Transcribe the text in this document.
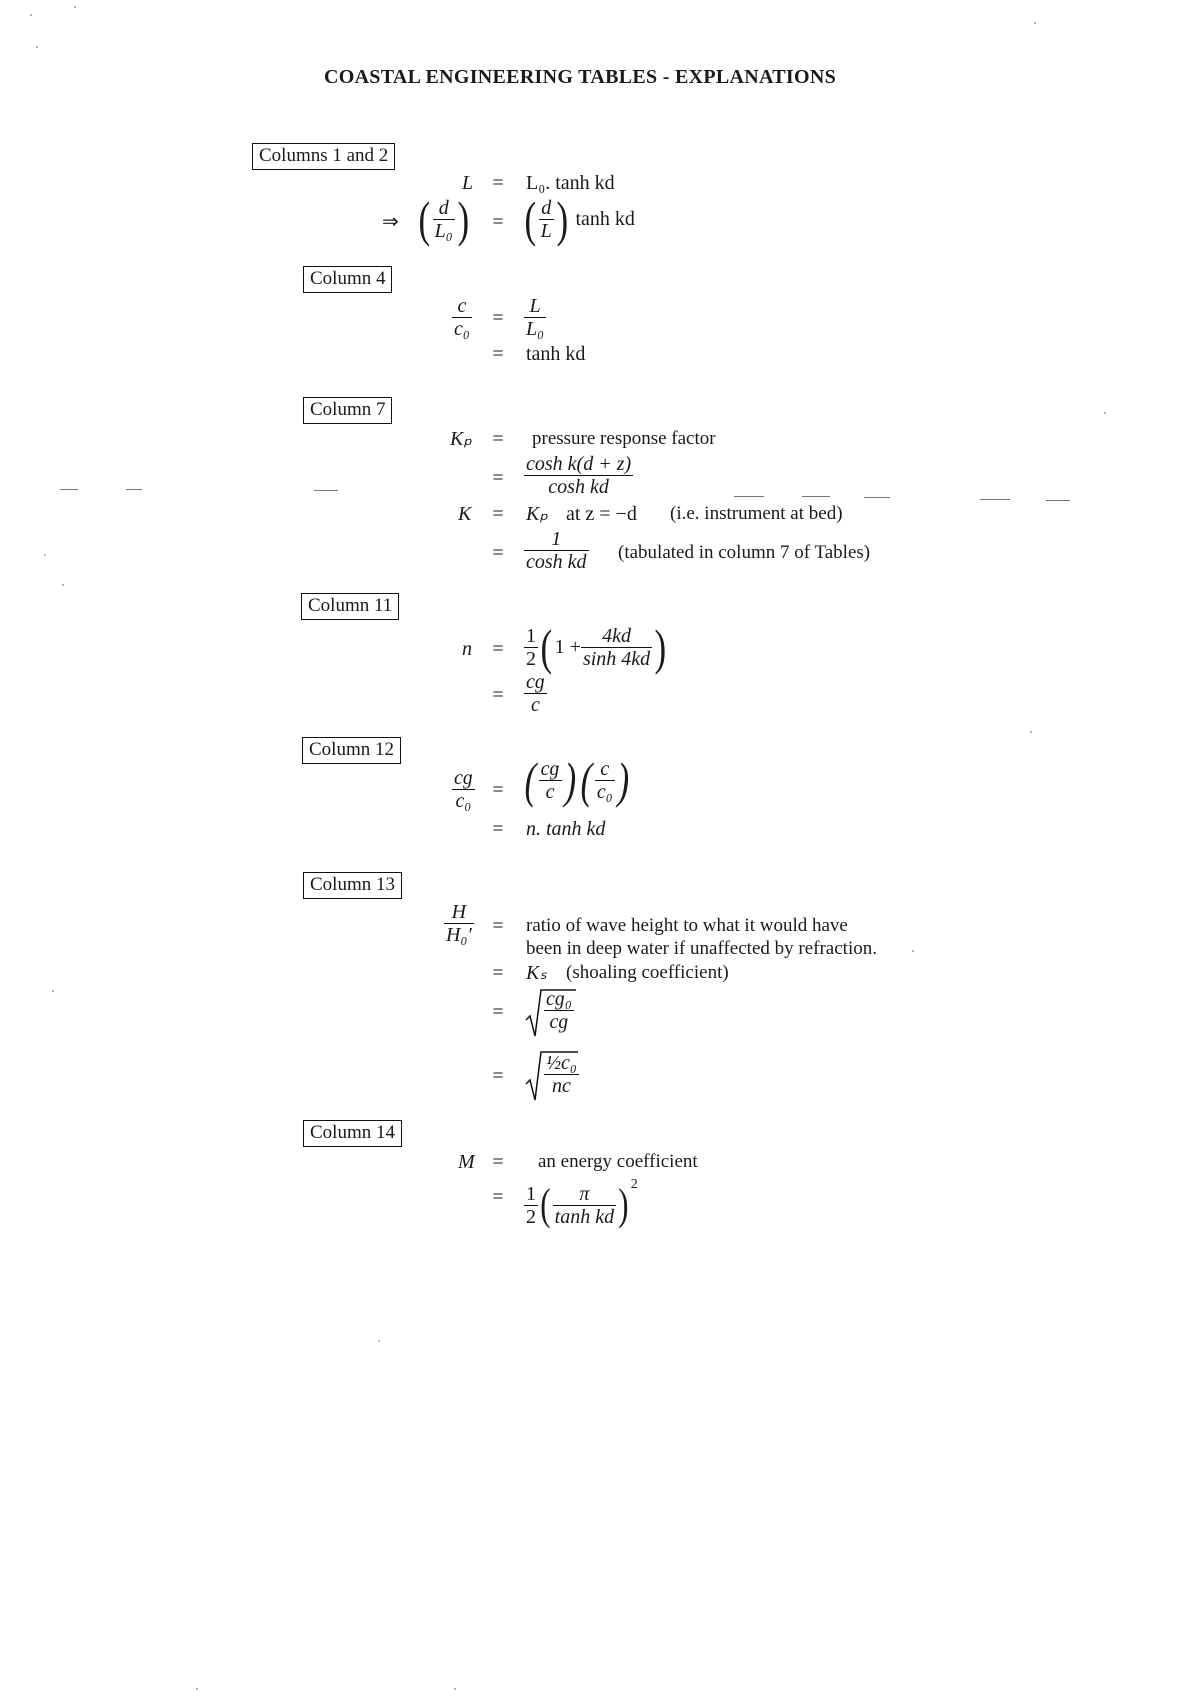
COASTAL ENGINEERING TABLES - EXPLANATIONS
Columns 1 and 2
L = L₀. tanh kd
⇒ ( $\frac{d}{\text{L₀}}$ ) = ( $\frac{d}{L}$ ) tanh kd
Column 4
$\frac{c}{\text{c₀}} = \frac{L}{\text{L₀}}$
= tanh kd
Column 7
Kₚ = pressure response factor
= $\frac{\text{cosh k(d + z)}}{\text{cosh kd}}$
K = Kₚ at z = −d (i.e. instrument at bed)
= $\frac{1}{\text{cosh kd}}$ (tabulated in column 7 of Tables)
Column 11
$n = \frac{1}{2}$ ( $1 + \frac{4kd}{\sinh 4kd}$ )
= $\frac{\text{cɡ}}{c}$
Column 12
$\frac{\text{cɡ}}{\text{c₀}}$ = ( $\frac{\text{cɡ}}{c}$ )( $\frac{c}{\text{c₀}}$ )
= n. tanh kd
Column 13
$\frac{H}{\text{H₀′}}$ = ratio of wave height to what it would have
been in deep water if unaffected by refraction.
= Kₛ (shoaling coefficient)
= $\frac{\text{cɡ₀}}{\text{cɡ}}$
= $\frac{\text{½c₀}}{nc}$
Column 14
M = an energy coefficient
= $\frac{1}{2}$ ( $\frac{\pi}{\text{tanh kd}}$ ) $^2$
